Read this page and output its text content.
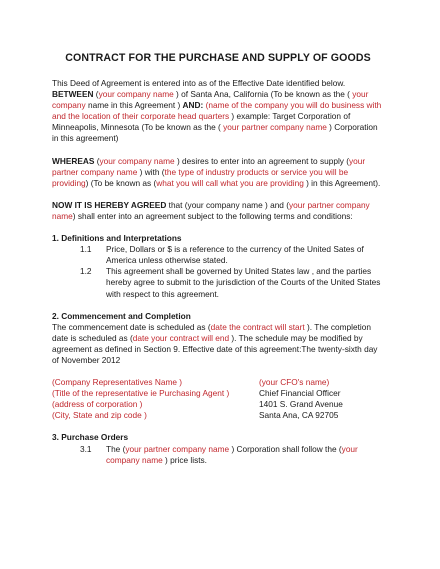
CONTRACT FOR THE PURCHASE AND SUPPLY OF GOODS

This Deed of Agreement is entered into as of the Effective Date identified below.

BETWEEN (your company name ) of Santa Ana, California (To be known as the ( your company name in this Agreement ) AND: (name of the company you will do business with and the location of their corporate head quarters ) example: Target Corporation of Minneapolis, Minnesota (To be known as the ( your partner company name ) Corporation in this agreement)

WHEREAS (your company name ) desires to enter into an agreement to supply (your partner company name ) with (the type of industry products or service you will be providing) (To be known as (what you will call what you are providing ) in this Agreement).

NOW IT IS HEREBY AGREED that (your company name ) and (your partner company name) shall enter into an agreement subject to the following terms and conditions:

1. Definitions and Interpretations

1.1	Price, Dollars or $ is a reference to the currency of the United Sates of America unless otherwise stated.
1.2	This agreement shall be governed by United States law , and the parties hereby agree to submit to the jurisdiction of the Courts of the United States with respect to this agreement.

2. Commencement and Completion

The commencement date is scheduled as (date the contract will start ). The completion date is scheduled as (date your contract will end ). The schedule may be modified by agreement as defined in Section 9. Effective date of this agreement:The twenty-sixth day of November 2012

(Company Representatives Name )	(your CFO's name)
(Title of the representative ie Purchasing Agent )	Chief Financial Officer
(address of corporation )	1401 S. Grand Avenue
(City, State and zip code )	Santa Ana, CA 92705

3. Purchase Orders

3.1	The (your partner company name ) Corporation shall follow the (your company name ) price lists.
